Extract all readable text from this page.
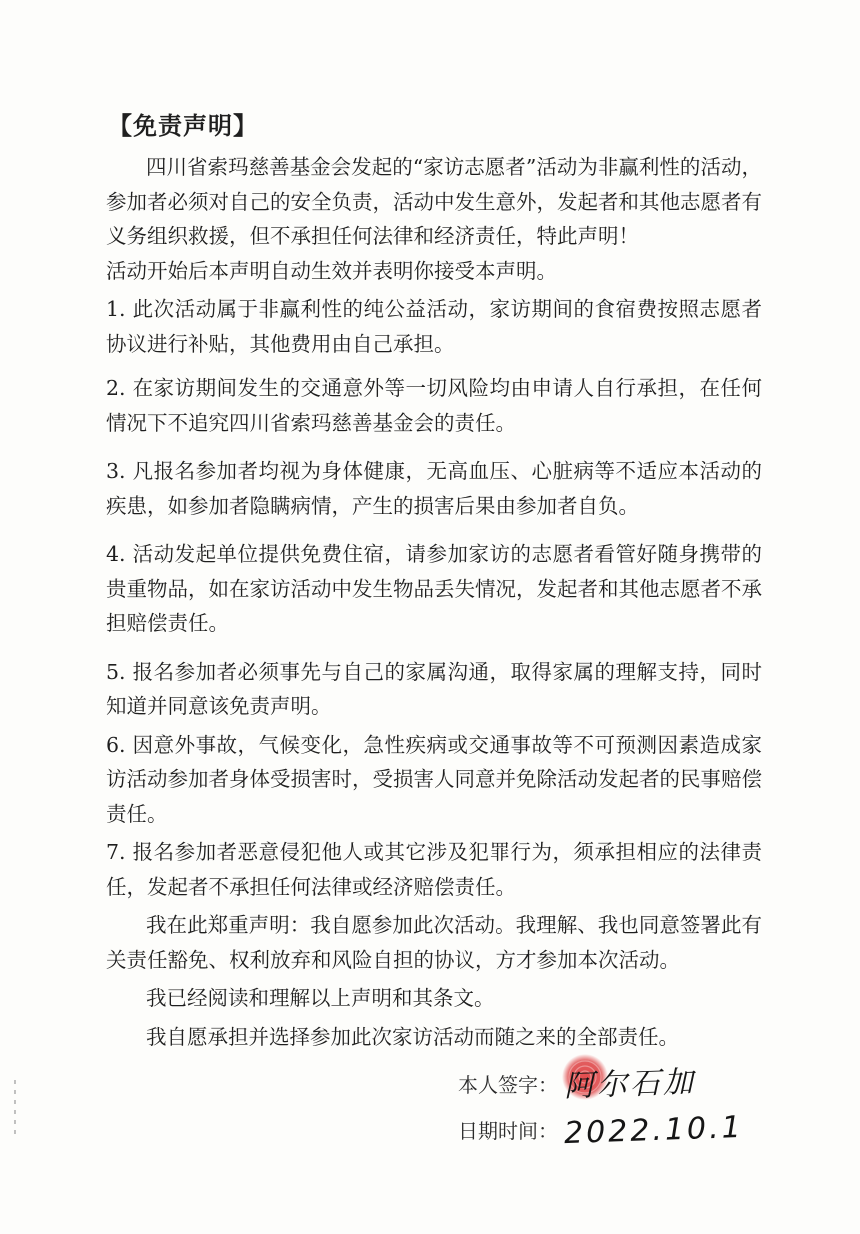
【免责声明】

四川省索玛慈善基金会发起的“家访志愿者”活动为非赢利性的活动，参加者必须对自己的安全负责，活动中发生意外，发起者和其他志愿者有义务组织救援，但不承担任何法律和经济责任，特此声明！

活动开始后本声明自动生效并表明你接受本声明。

1. 此次活动属于非赢利性的纯公益活动，家访期间的食宿费按照志愿者协议进行补贴，其他费用由自己承担。

2. 在家访期间发生的交通意外等一切风险均由申请人自行承担，在任何情况下不追究四川省索玛慈善基金会的责任。

3. 凡报名参加者均视为身体健康，无高血压、心脏病等不适应本活动的疾患，如参加者隐瞒病情，产生的损害后果由参加者自负。

4. 活动发起单位提供免费住宿，请参加家访的志愿者看管好随身携带的贵重物品，如在家访活动中发生物品丢失情况，发起者和其他志愿者不承担赔偿责任。

5. 报名参加者必须事先与自己的家属沟通，取得家属的理解支持，同时知道并同意该免责声明。

6. 因意外事故，气候变化，急性疾病或交通事故等不可预测因素造成家访活动参加者身体受损害时，受损害人同意并免除活动发起者的民事赔偿责任。

7. 报名参加者恶意侵犯他人或其它涉及犯罪行为，须承担相应的法律责任，发起者不承担任何法律或经济赔偿责任。

我在此郑重声明：我自愿参加此次活动。我理解、我也同意签署此有关责任豁免、权利放弃和风险自担的协议，方才参加本次活动。

我已经阅读和理解以上声明和其条文。

我自愿承担并选择参加此次家访活动而随之来的全部责任。

本人签字： 阿尔石加
日期时间： 2022.10.1
